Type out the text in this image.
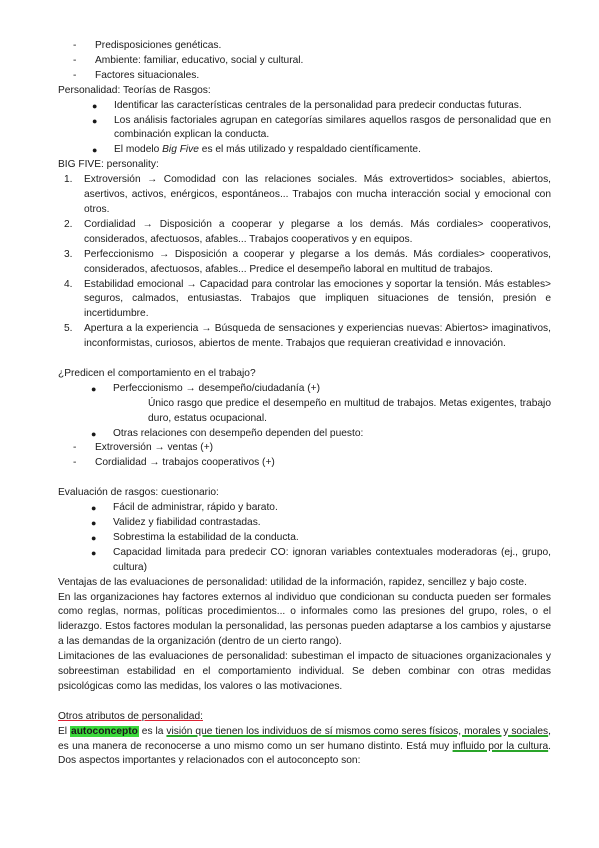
-	Predisposiciones genéticas.
-	Ambiente: familiar, educativo, social y cultural.
-	Factores situacionales.

Personalidad: Teorías de Rasgos:

●	Identificar las características centrales de la personalidad para predecir conductas futuras.
●	Los análisis factoriales agrupan en categorías similares aquellos rasgos de personalidad que en combinación explican la conducta.
●	El modelo Big Five es el más utilizado y respaldado científicamente.

BIG FIVE: personality:

1.	Extroversión → Comodidad con las relaciones sociales. Más extrovertidos> sociables, abiertos, asertivos, activos, enérgicos, espontáneos... Trabajos con mucha interacción social y emocional con otros.
2.	Cordialidad → Disposición a cooperar y plegarse a los demás. Más cordiales> cooperativos, considerados, afectuosos, afables... Trabajos cooperativos y en equipos.
3.	Perfeccionismo → Disposición a cooperar y plegarse a los demás. Más cordiales> cooperativos, considerados, afectuosos, afables... Predice el desempeño laboral en multitud de trabajos.
4.	Estabilidad emocional → Capacidad para controlar las emociones y soportar la tensión. Más estables> seguros, calmados, entusiastas. Trabajos que impliquen situaciones de tensión, presión e incertidumbre.
5.	Apertura a la experiencia → Búsqueda de sensaciones y experiencias nuevas: Abiertos> imaginativos, inconformistas, curiosos, abiertos de mente. Trabajos que requieran creatividad e innovación.

¿Predicen el comportamiento en el trabajo?

●	Perfeccionismo → desempeño/ciudadanía (+)

Único rasgo que predice el desempeño en multitud de trabajos. Metas exigentes, trabajo duro, estatus ocupacional.

●	Otras relaciones con desempeño dependen del puesto:
-	Extroversión → ventas (+)
-	Cordialidad → trabajos cooperativos (+)

Evaluación de rasgos: cuestionario:

●	Fácil de administrar, rápido y barato.
●	Validez y fiabilidad contrastadas.
●	Sobrestima la estabilidad de la conducta.
●	Capacidad limitada para predecir CO: ignoran variables contextuales moderadoras (ej., grupo, cultura)

Ventajas de las evaluaciones de personalidad: utilidad de la información, rapidez, sencillez y bajo coste.

En las organizaciones hay factores externos al individuo que condicionan su conducta pueden ser formales como reglas, normas, políticas procedimientos... o informales como las presiones del grupo, roles, o el liderazgo. Estos factores modulan la personalidad, las personas pueden adaptarse a los cambios y ajustarse a las demandas de la organización (dentro de un cierto rango).

Limitaciones de las evaluaciones de personalidad: subestiman el impacto de situaciones organizacionales y sobreestiman estabilidad en el comportamiento individual. Se deben combinar con otras medidas psicológicas como las medidas, los valores o las motivaciones.

Otros atributos de personalidad:

El autoconcepto es la visión que tienen los individuos de sí mismos como seres físicos, morales y sociales, es una manera de reconocerse a uno mismo como un ser humano distinto. Está muy influido por la cultura. Dos aspectos importantes y relacionados con el autoconcepto son:
